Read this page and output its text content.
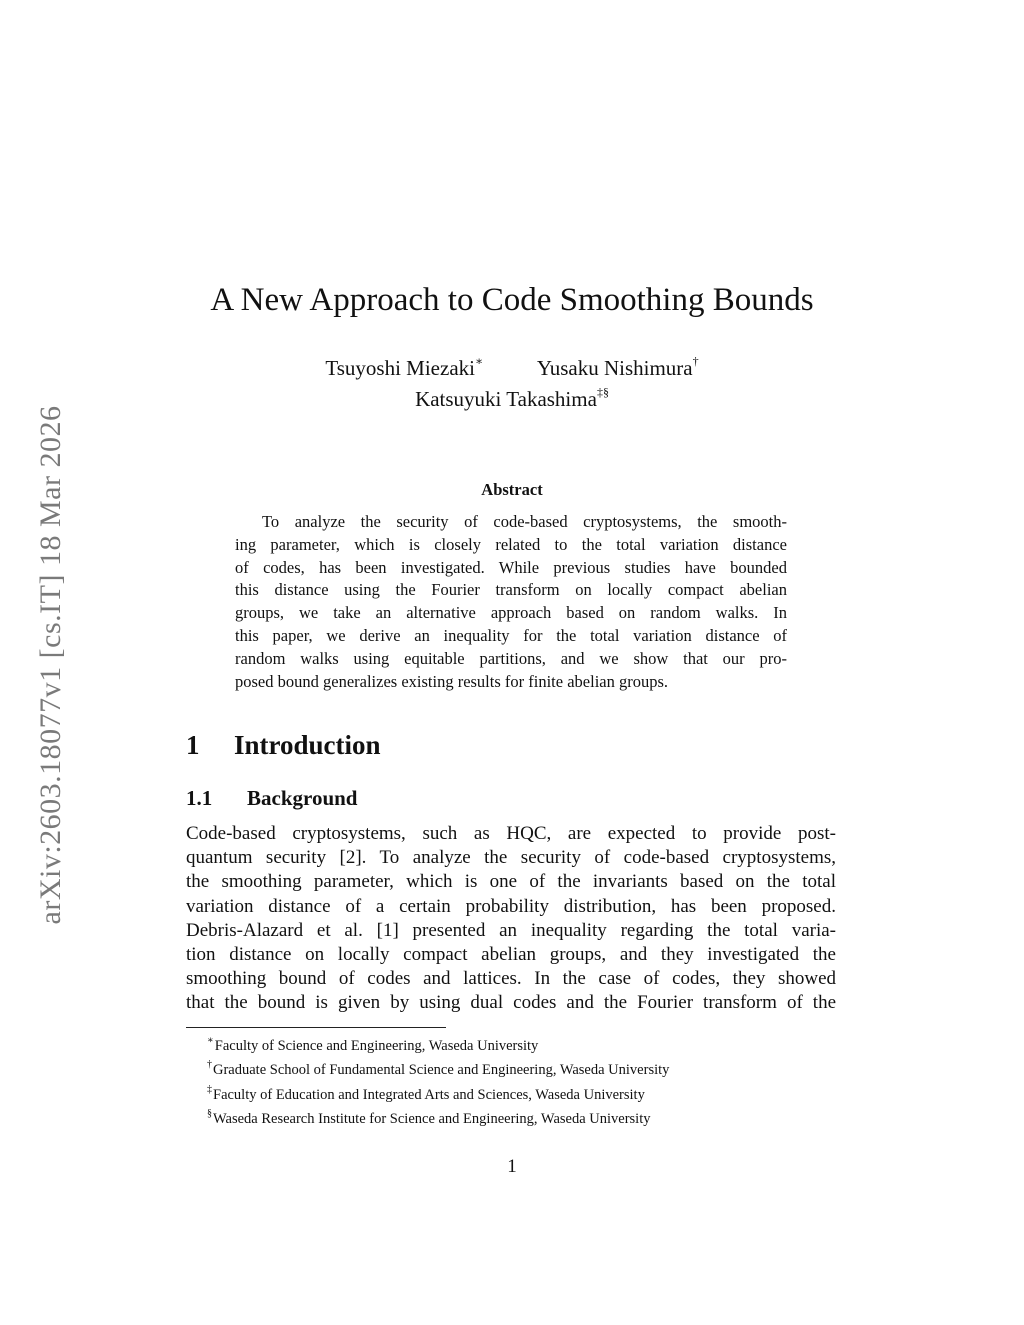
arXiv:2603.18077v1 [cs.IT] 18 Mar 2026
A New Approach to Code Smoothing Bounds
Tsuyoshi Miezaki∗	Yusaku Nishimura†
Katsuyuki Takashima‡§
Abstract
To analyze the security of code-based cryptosystems, the smooth-
ing parameter, which is closely related to the total variation distance
of codes, has been investigated. While previous studies have bounded
this distance using the Fourier transform on locally compact abelian
groups, we take an alternative approach based on random walks. In
this paper, we derive an inequality for the total variation distance of
random walks using equitable partitions, and we show that our pro-
posed bound generalizes existing results for finite abelian groups.
1 Introduction
1.1 Background
Code-based cryptosystems, such as HQC, are expected to provide post-
quantum security [2]. To analyze the security of code-based cryptosystems,
the smoothing parameter, which is one of the invariants based on the total
variation distance of a certain probability distribution, has been proposed.
Debris-Alazard et al. [1] presented an inequality regarding the total varia-
tion distance on locally compact abelian groups, and they investigated the
smoothing bound of codes and lattices. In the case of codes, they showed
that the bound is given by using dual codes and the Fourier transform of the
∗Faculty of Science and Engineering, Waseda University
†Graduate School of Fundamental Science and Engineering, Waseda University
‡Faculty of Education and Integrated Arts and Sciences, Waseda University
§Waseda Research Institute for Science and Engineering, Waseda University
1
